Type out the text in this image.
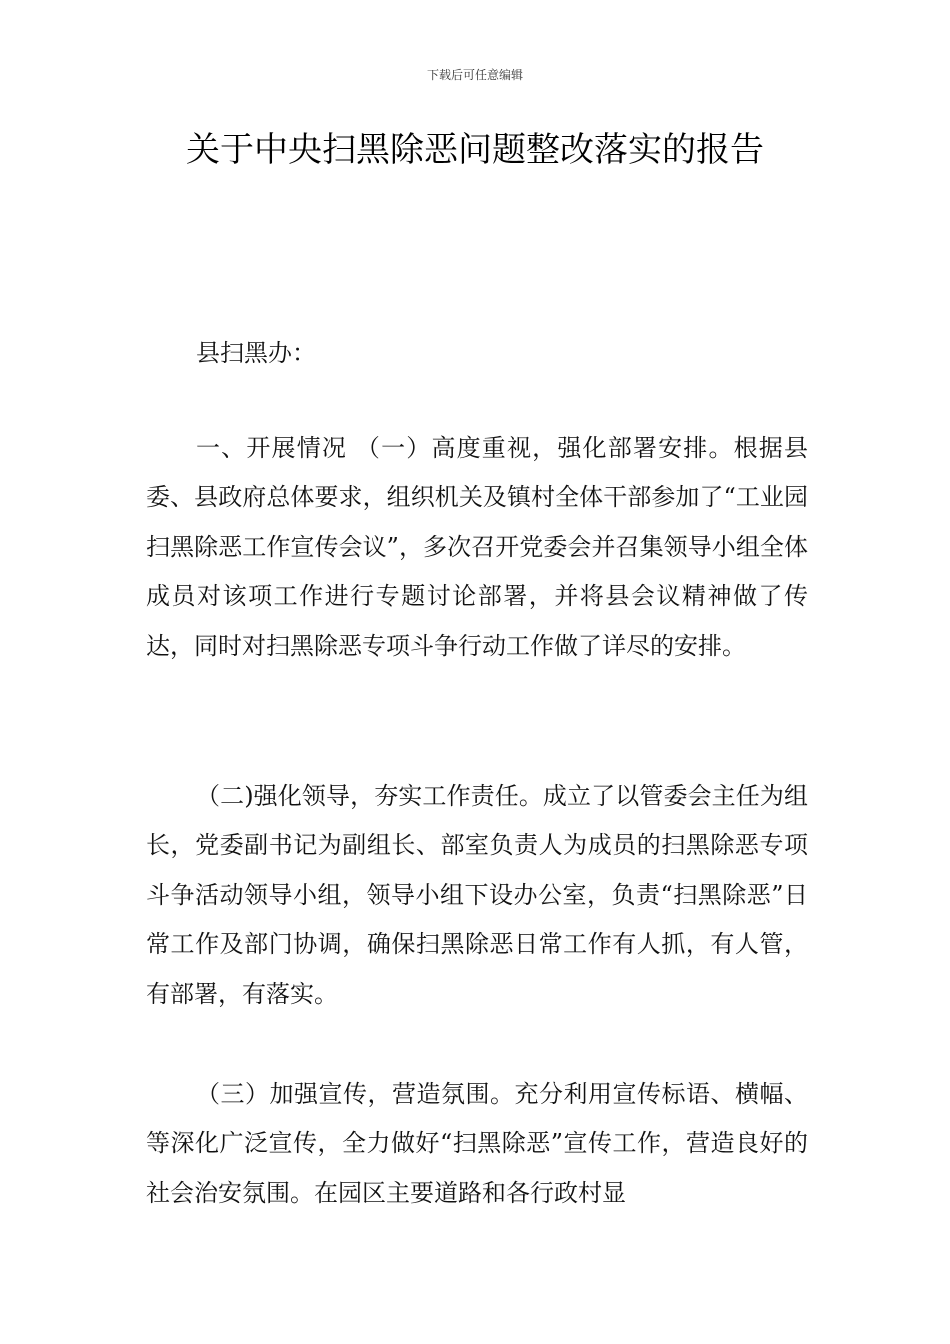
下载后可任意编辑
关于中央扫黑除恶问题整改落实的报告
县扫黑办：

一、开展情况 （一）高度重视，强化部署安排。根据县委、县政府总体要求，组织机关及镇村全体干部参加了“工业园扫黑除恶工作宣传会议”，多次召开党委会并召集领导小组全体成员对该项工作进行专题讨论部署，并将县会议精神做了传达，同时对扫黑除恶专项斗争行动工作做了详尽的安排。

（二)强化领导，夯实工作责任。成立了以管委会主任为组长，党委副书记为副组长、部室负责人为成员的扫黑除恶专项斗争活动领导小组，领导小组下设办公室，负责“扫黑除恶”日常工作及部门协调，确保扫黑除恶日常工作有人抓，有人管，有部署，有落实。

（三）加强宣传，营造氛围。充分利用宣传标语、横幅、等深化广泛宣传，全力做好“扫黑除恶”宣传工作，营造良好的社会治安氛围。在园区主要道路和各行政村显
